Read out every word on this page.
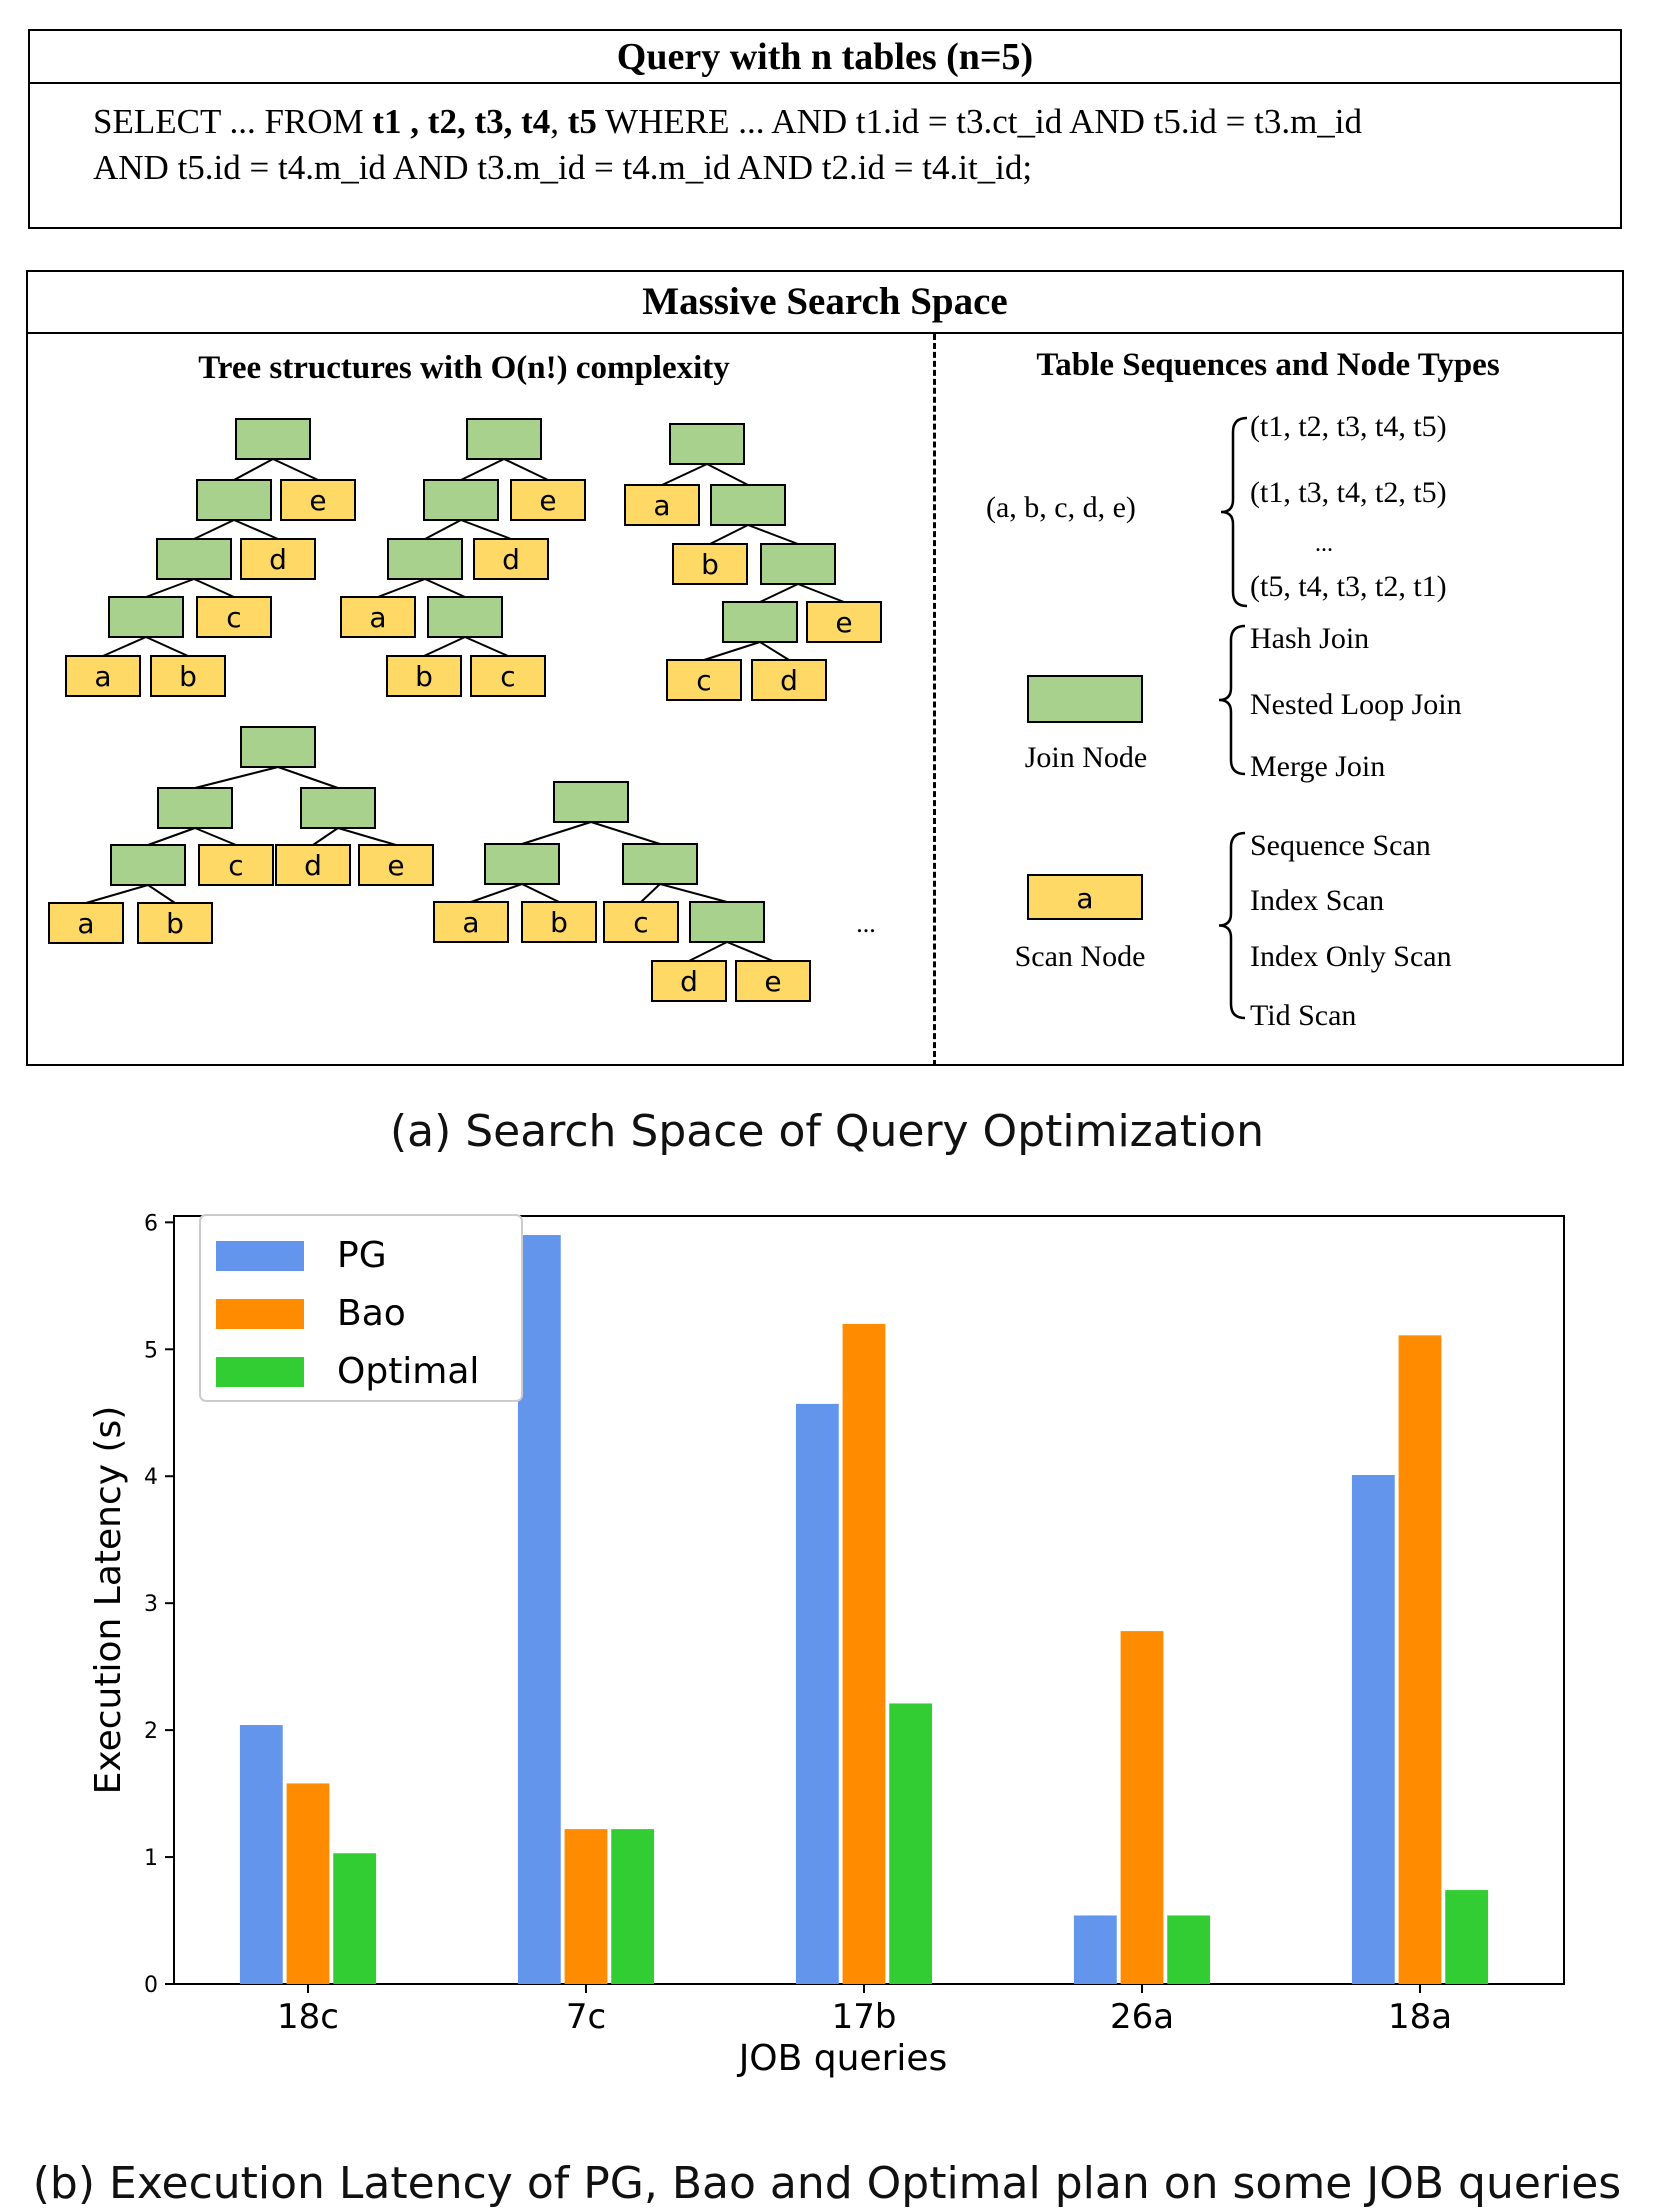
Query with n tables (n=5)
SELECT ... FROM t1 , t2, t3, t4, t5 WHERE ... AND t1.id = t3.ct_id AND t5.id = t3.m_id
AND t5.id = t4.m_id AND t3.m_id = t4.m_id AND t2.id = t4.it_id;
Massive Search Space
Tree structures with O(n!) complexity	Table Sequences and Node Types
e
d
c
a b
e
d
a
b c
a
b
e
c d
c d e
a	b	a	b c
d e
...
(a, b, c, d, e)
(t1, t2, t3, t4, t5)
(t1, t3, t4, t2, t5)
...
(t5, t4, t3, t2, t1)
Join Node
Hash Join
Nested Loop Join
Merge Join
a
Scan Node
Sequence Scan
Index Scan
Index Only Scan
Tid Scan
(a) Search Space of Query Optimization
0
1
2
3
4
5
6
18c	7c	17b	26a	18a
JOB queries
Execution Latency (s)
PG
Bao
Optimal
(b) Execution Latency of PG, Bao and Optimal plan on some JOB queries
